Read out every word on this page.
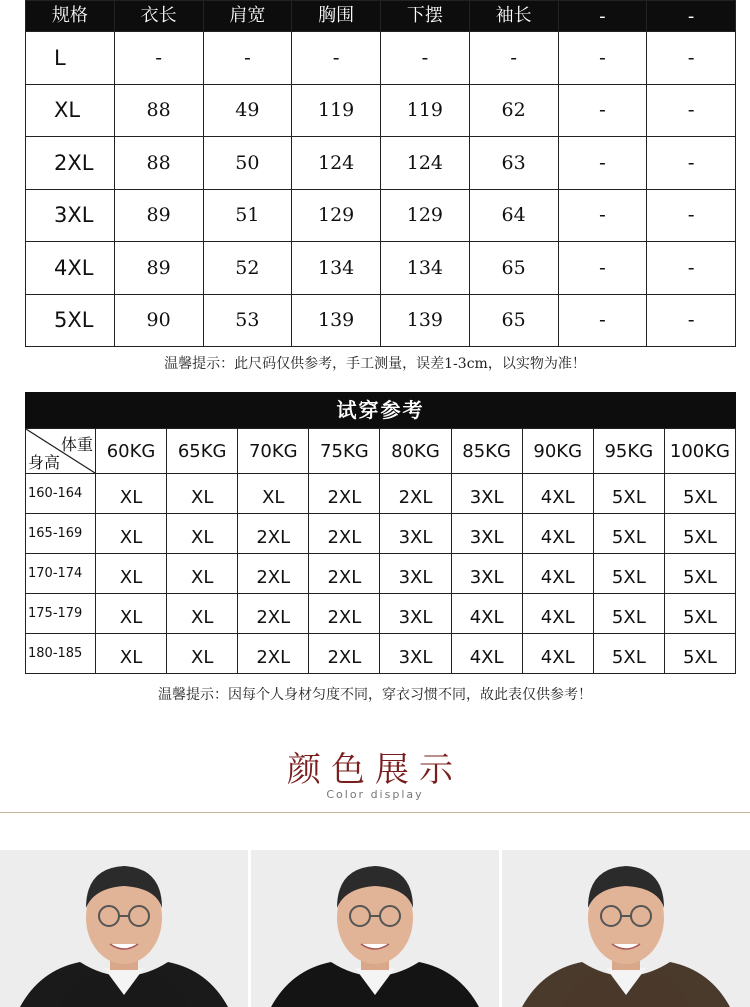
规格	衣长	肩宽	胸围	下摆	袖长	-	-
L	-	-	-	-	-	-	-
XL	88	49	119	119	62	-	-
2XL	88	50	124	124	63	-	-
3XL	89	51	129	129	64	-	-
4XL	89	52	134	134	65	-	-
5XL	90	53	139	139	65	-	-
温馨提示：此尺码仅供参考，手工测量，误差1-3cm，以实物为准！
试穿参考
体重
身高	60KG	65KG	70KG	75KG	80KG	85KG	90KG	95KG	100KG
160-164	XL	XL	XL	2XL	2XL	3XL	4XL	5XL	5XL
165-169	XL	XL	2XL	2XL	3XL	3XL	4XL	5XL	5XL
170-174	XL	XL	2XL	2XL	3XL	3XL	4XL	5XL	5XL
175-179	XL	XL	2XL	2XL	3XL	4XL	4XL	5XL	5XL
180-185	XL	XL	2XL	2XL	3XL	4XL	4XL	5XL	5XL
温馨提示：因每个人身材匀度不同，穿衣习惯不同，故此表仅供参考！
颜色展示
Color display
